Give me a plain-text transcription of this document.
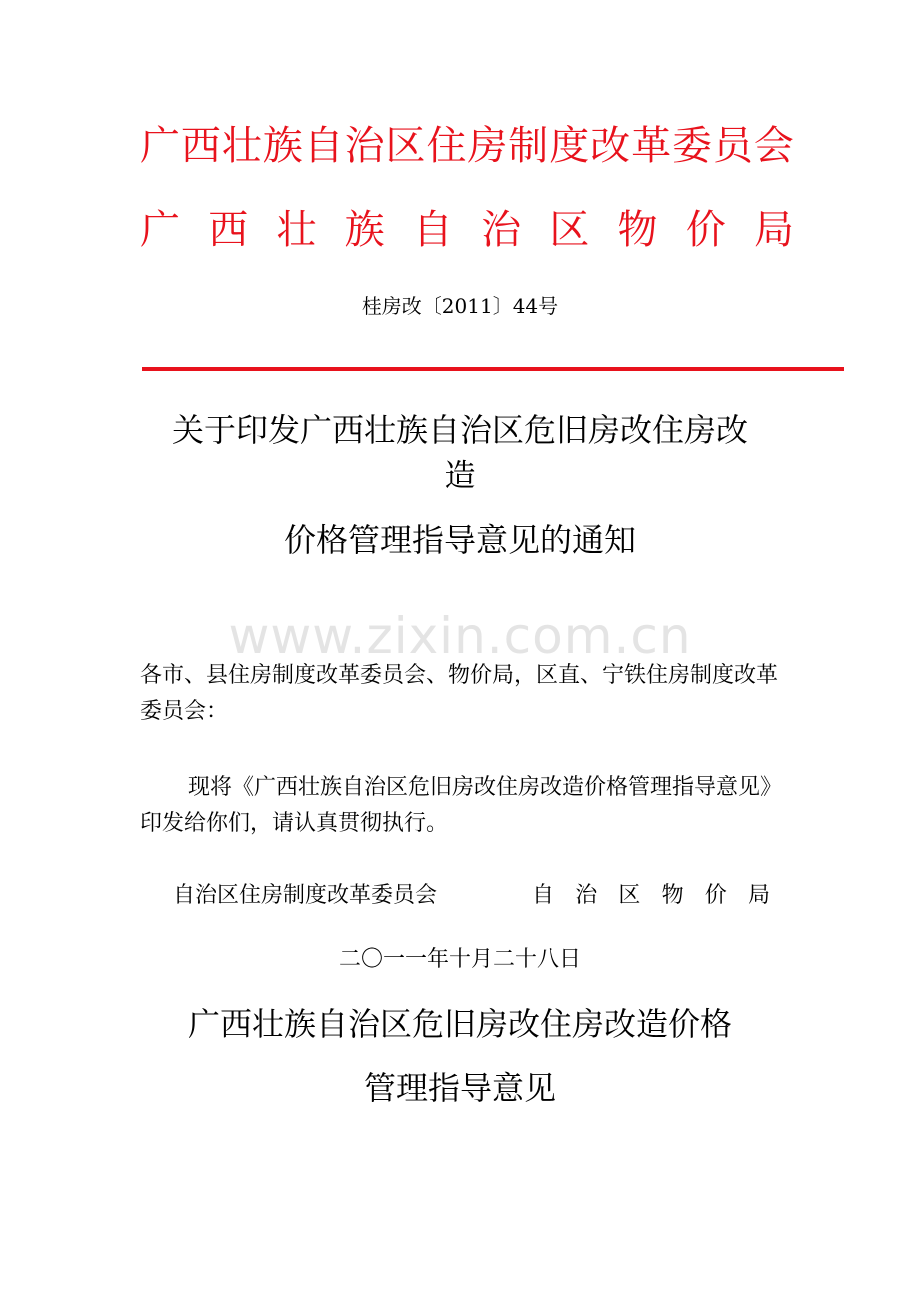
广 西 壮 族 自 治 区 住 房 制 度 改 革 委 员 会
广 西 壮 族 自 治 区 物 价 局
桂房改〔2011〕44号
关于印发广西壮族自治区危旧房改住房改
造
价格管理指导意见的通知
www.zixin.com.cn
各市、县住房制度改革委员会、物价局，区直、宁铁住房制度改革委员会：
现将《广西壮族自治区危旧房改住房改造价格管理指导意见》印发给你们，请认真贯彻执行。
自治区住房制度改革委员会	自 治 区 物 价 局
二〇一一年十月二十八日
广西壮族自治区危旧房改住房改造价格
管理指导意见
